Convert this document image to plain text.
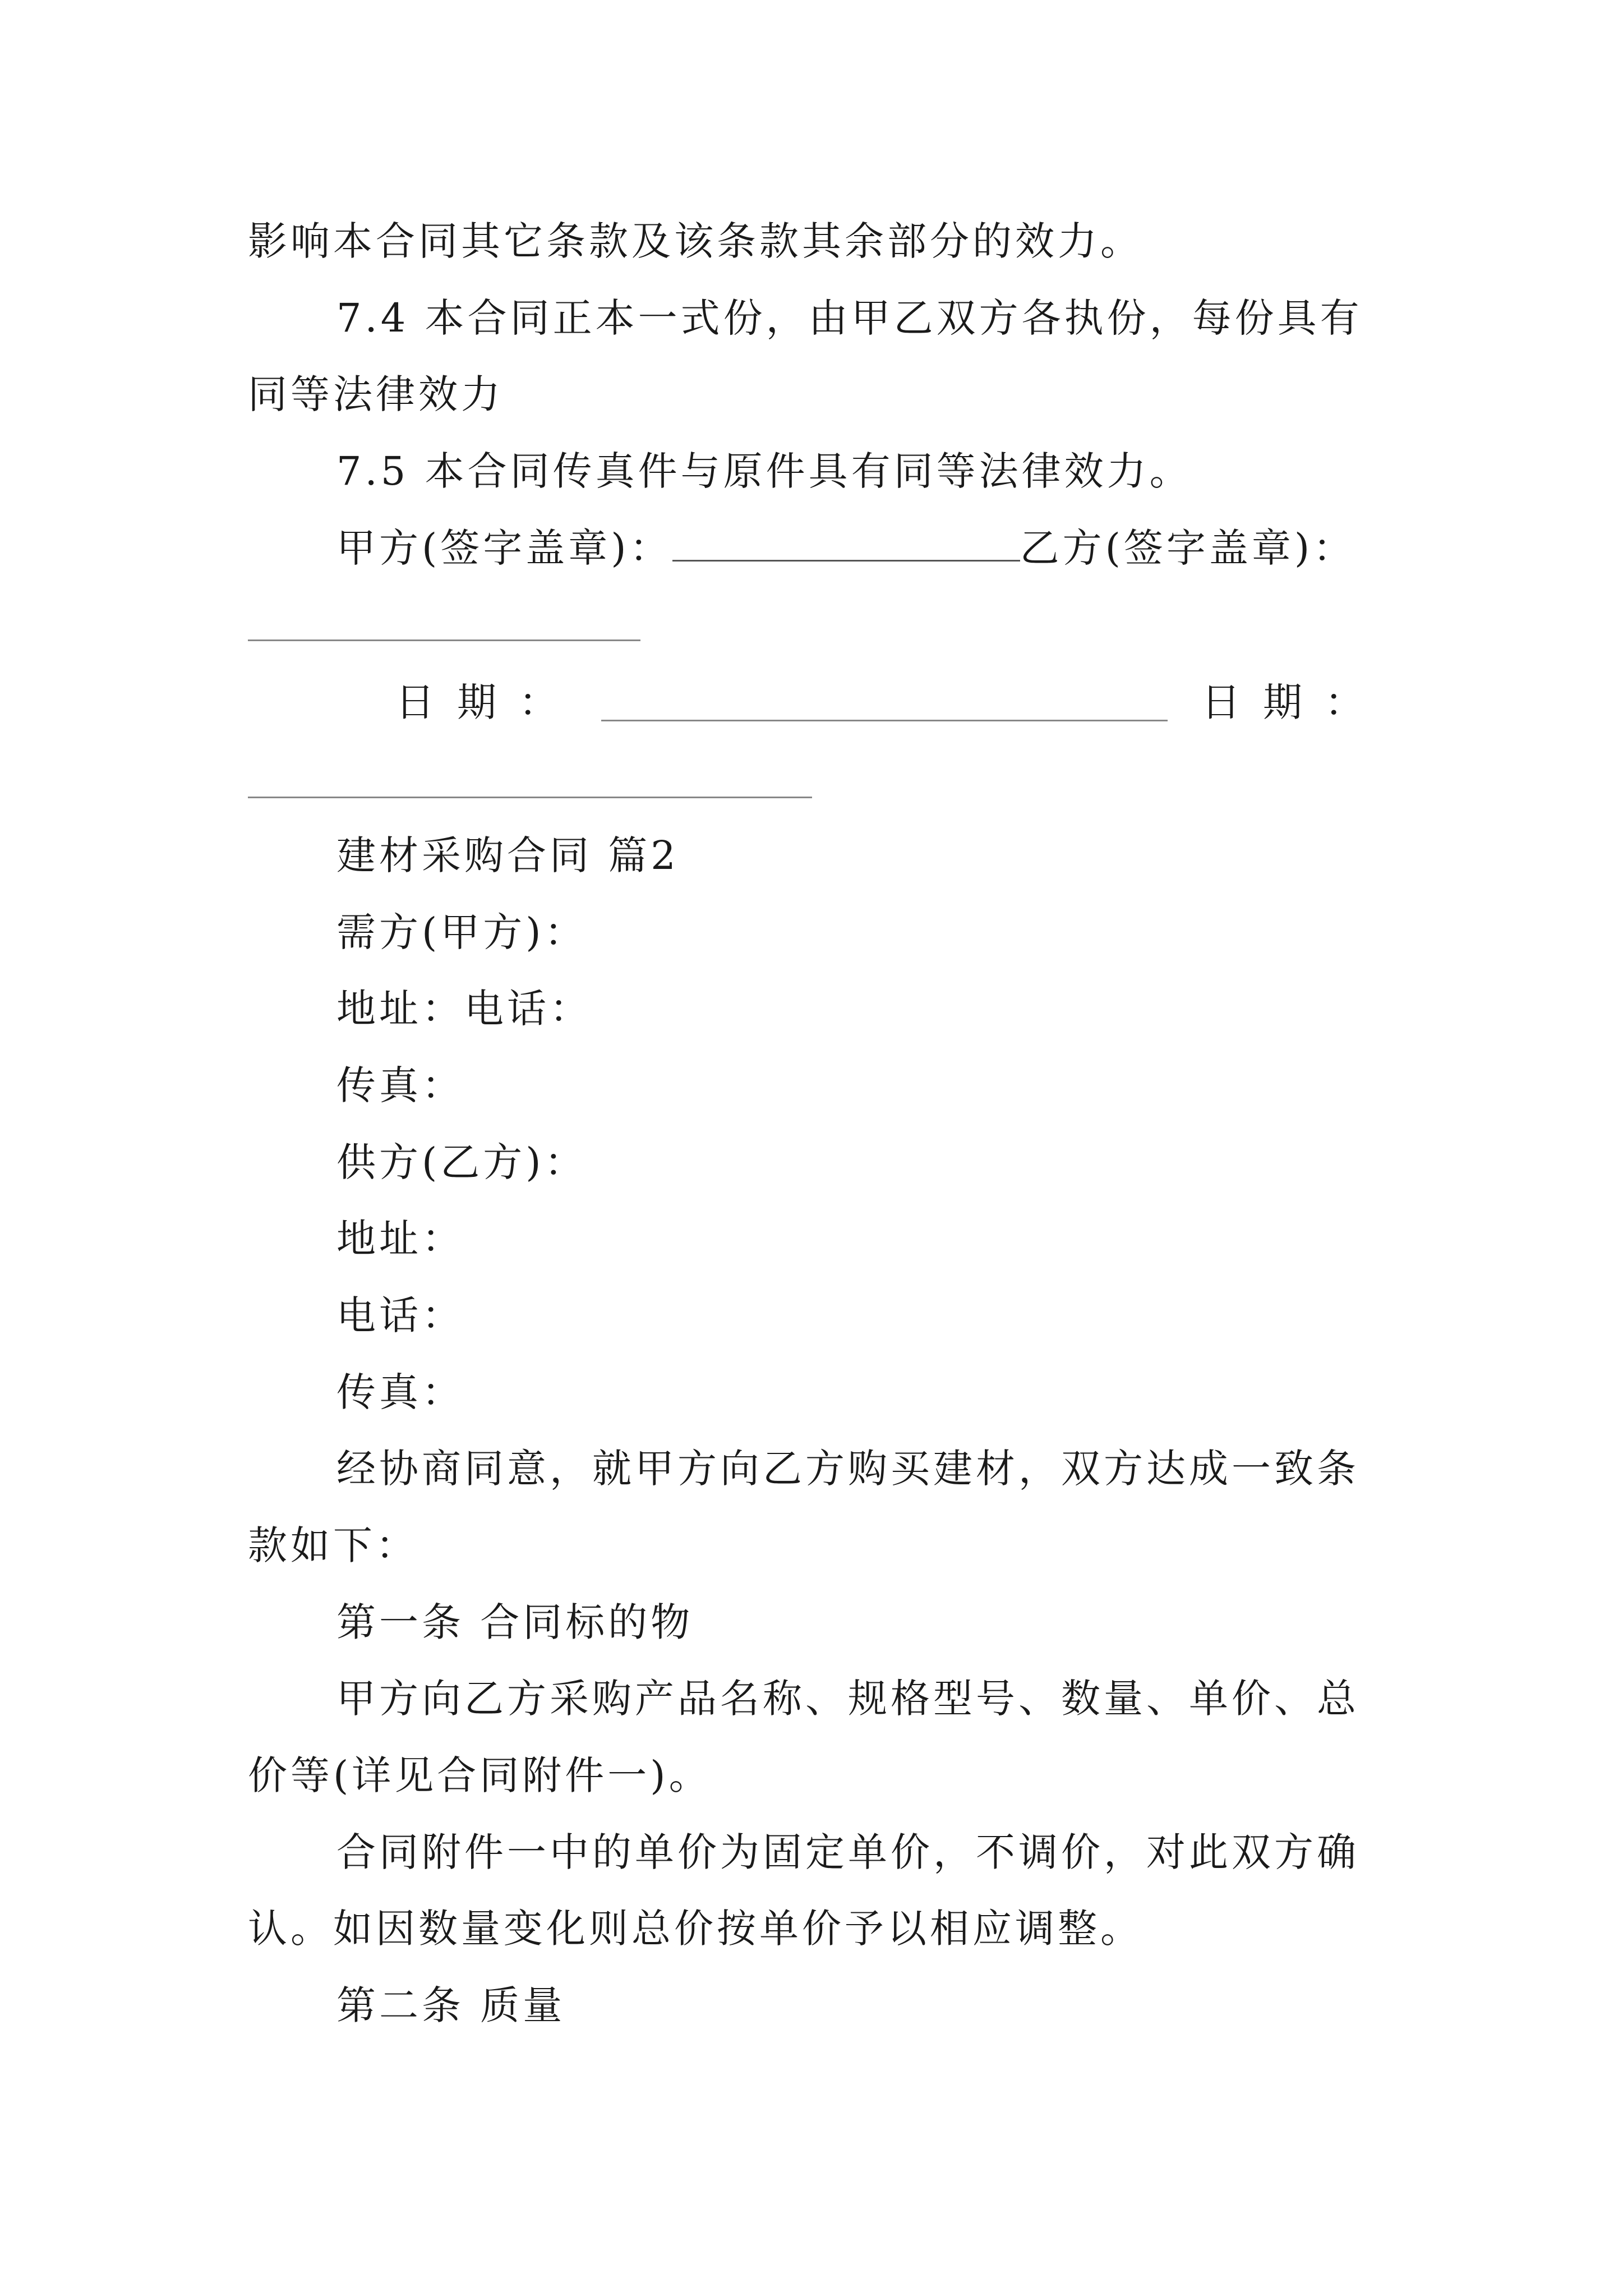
影响本合同其它条款及该条款其余部分的效力。
7.4 本合同正本一式份，由甲乙双方各执份，每份具有
同等法律效力
7.5 本合同传真件与原件具有同等法律效力。
甲方(签字盖章)：	乙方(签字盖章)：
日期：	日期：
建材采购合同 篇2
需方(甲方)：
地址：电话：
传真：
供方(乙方)：
地址：
电话：
传真：
经协商同意，就甲方向乙方购买建材，双方达成一致条
款如下：
第一条 合同标的物
甲方向乙方采购产品名称、规格型号、数量、单价、总
价等(详见合同附件一)。
合同附件一中的单价为固定单价，不调价，对此双方确
认。如因数量变化则总价按单价予以相应调整。
第二条 质量
